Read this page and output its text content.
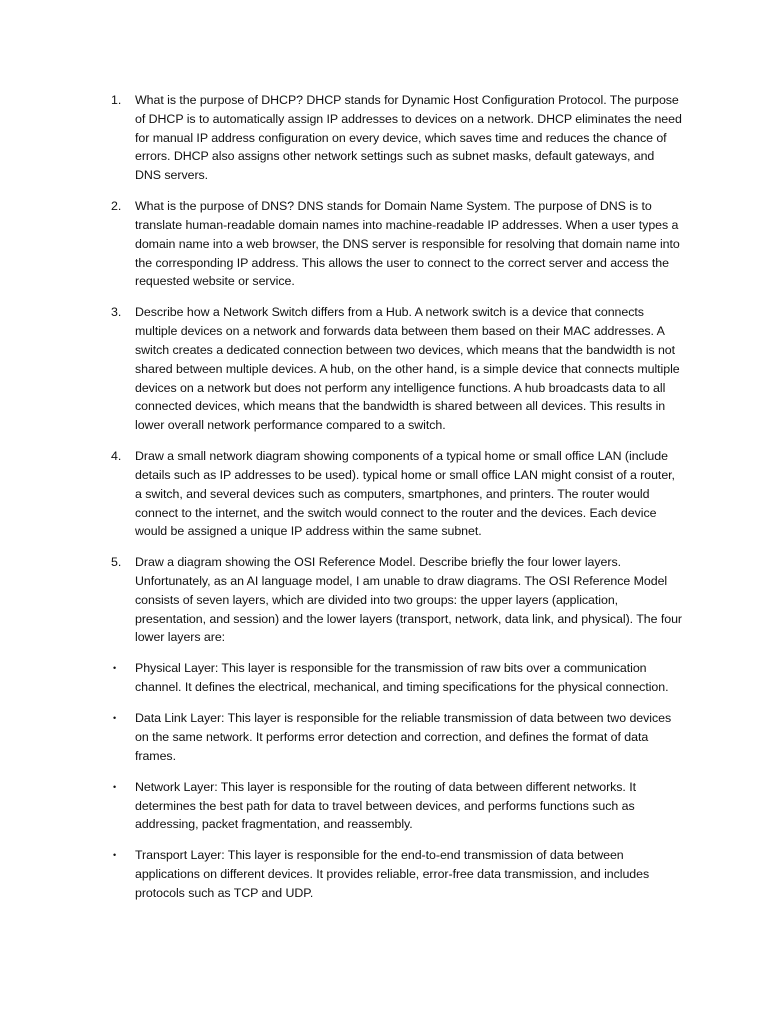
1. What is the purpose of DHCP? DHCP stands for Dynamic Host Configuration Protocol. The purpose of DHCP is to automatically assign IP addresses to devices on a network. DHCP eliminates the need for manual IP address configuration on every device, which saves time and reduces the chance of errors. DHCP also assigns other network settings such as subnet masks, default gateways, and DNS servers.
2. What is the purpose of DNS? DNS stands for Domain Name System. The purpose of DNS is to translate human-readable domain names into machine-readable IP addresses. When a user types a domain name into a web browser, the DNS server is responsible for resolving that domain name into the corresponding IP address. This allows the user to connect to the correct server and access the requested website or service.
3. Describe how a Network Switch differs from a Hub. A network switch is a device that connects multiple devices on a network and forwards data between them based on their MAC addresses. A switch creates a dedicated connection between two devices, which means that the bandwidth is not shared between multiple devices. A hub, on the other hand, is a simple device that connects multiple devices on a network but does not perform any intelligence functions. A hub broadcasts data to all connected devices, which means that the bandwidth is shared between all devices. This results in lower overall network performance compared to a switch.
4. Draw a small network diagram showing components of a typical home or small office LAN (include details such as IP addresses to be used). typical home or small office LAN might consist of a router, a switch, and several devices such as computers, smartphones, and printers. The router would connect to the internet, and the switch would connect to the router and the devices. Each device would be assigned a unique IP address within the same subnet.
5. Draw a diagram showing the OSI Reference Model. Describe briefly the four lower layers. Unfortunately, as an AI language model, I am unable to draw diagrams. The OSI Reference Model consists of seven layers, which are divided into two groups: the upper layers (application, presentation, and session) and the lower layers (transport, network, data link, and physical). The four lower layers are:
• Physical Layer: This layer is responsible for the transmission of raw bits over a communication channel. It defines the electrical, mechanical, and timing specifications for the physical connection.
• Data Link Layer: This layer is responsible for the reliable transmission of data between two devices on the same network. It performs error detection and correction, and defines the format of data frames.
• Network Layer: This layer is responsible for the routing of data between different networks. It determines the best path for data to travel between devices, and performs functions such as addressing, packet fragmentation, and reassembly.
• Transport Layer: This layer is responsible for the end-to-end transmission of data between applications on different devices. It provides reliable, error-free data transmission, and includes protocols such as TCP and UDP.
